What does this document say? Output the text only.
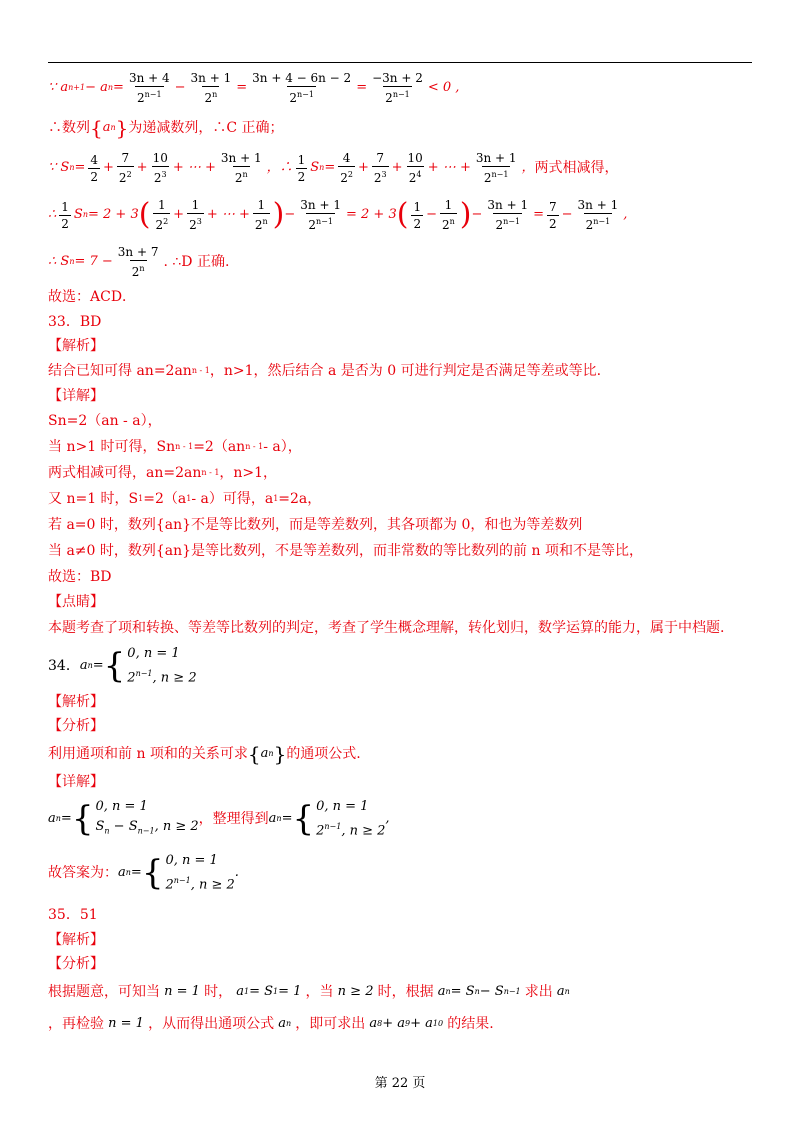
∵ a n+1 − a $n = \frac{3n + 4}{2^{n-1}} - \frac{3n + 1}{2^n} = \frac{3n + 4 - 6n - 2}{2^{n-1}} = \frac{-3n + 2}{2^{n-1}} < 0$ ,
∴数列 { a n } 为递减数列，∴C 正确；
∵ S $n = \frac{4}{2} + \frac{7}{2^2} + \frac{10}{2^3}$ + ⋯ + $\frac{3n + 1}{2^n}$ ，∴ $\frac{1}{2}$ S $n = \frac{4}{2^2} + \frac{7}{2^3} + \frac{10}{2^4}$ + ⋯ + $\frac{3n + 1}{2^{n-1}}$ ， 两式相减得，
∴ $\frac{1}{2}$ S n = 2 + 3 ( $\frac{1}{2^2} + \frac{1}{2^3}$ + ⋯ + $\frac{1}{2^n}$ ) − $\frac{3n + 1}{2^{n-1}} = 2 + 3$ ( $\frac{1}{2} - \frac{1}{2^n}$ ) − $\frac{3n + 1}{2^{n-1}} = \frac{7}{2} - \frac{3n + 1}{2^{n-1}}$ ,
∴ S $n = 7 - \frac{3n + 7}{2^n}$ . ∴D 正确.
故选：ACD．
33．BD
【解析】
结合已知可得 an=2an n - 1 ，n>1，然后结合 a 是否为 0 可进行判定是否满足等差或等比.
【详解】
Sn=2（an - a），
当 n>1 时可得，Sn n - 1 =2（an n - 1 - a），
两式相减可得，an=2an n - 1 ，n>1，
又 n=1 时，S 1 =2（a 1 - a）可得，a 1 =2a，
若 a=0 时，数列{an}不是等比数列，而是等差数列，其各项都为 0，和也为等差数列
当 a≠0 时，数列{an}是等比数列，不是等差数列，而非常数的等比数列的前 n 项和不是等比，
故选：BD
【点睛】
本题考查了项和转换、等差等比数列的判定，考查了学生概念理解，转化划归，数学运算的能力，属于中档题.
34． a n = { 0, n = 1
$2^{n-1}$, n ≥ 2
【解析】
【分析】
利用通项和前 n 项和的关系可求 { a n } 的通项公式.
【详解】
a n = { 0, n = 1
$S_n - S_{n-1}$, n ≥ 2 ，整理得到 a n = { 0, n = 1
$2^{n-1}$, n ≥ 2
,
故答案为： a n = { 0, n = 1
$2^{n-1}$, n ≥ 2
.
35．51
【解析】
【分析】
根据题意，可知当 n = 1 时， a 1 = S 1 = 1 ，当 n ≥ 2 时，根据 a n = S n − S n−1
求出 a n
，再检验 n = 1 ，从而得出通项公式 a n
，即可求出 a 8 + a 9 + a 10
的结果.
第 22 页
